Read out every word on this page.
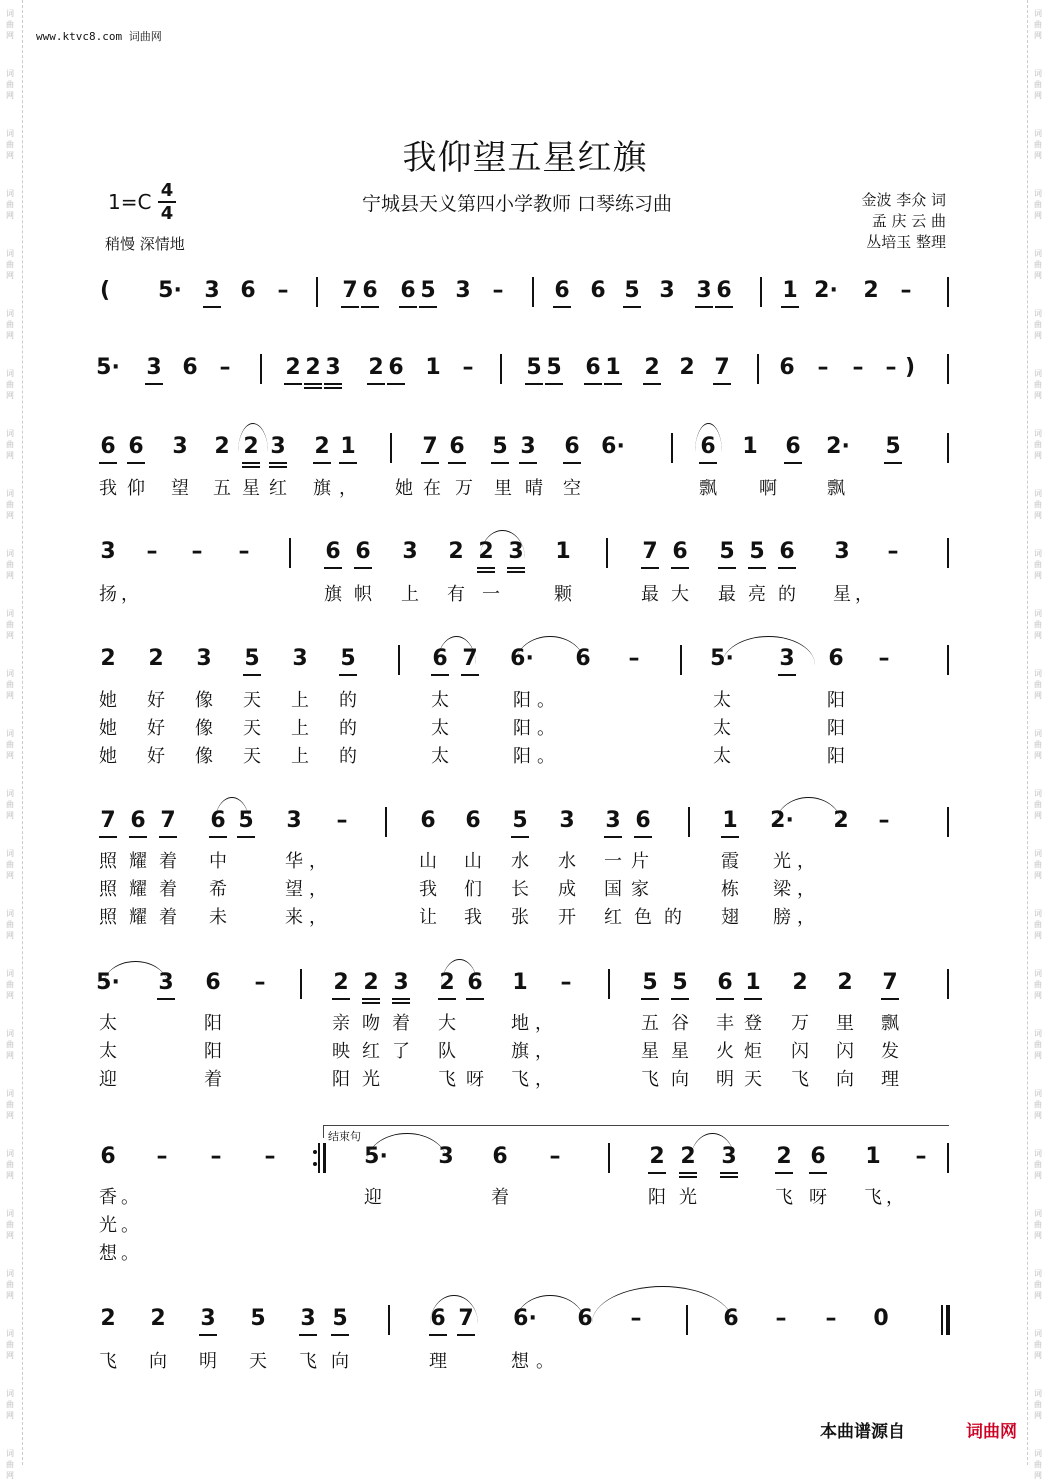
词
曲
网
词
曲
网
词
曲
网
词
曲
网
词
曲
网
词
曲
网
词
曲
网
词
曲
网
词
曲
网
词
曲
网
词
曲
网
词
曲
网
词
曲
网
词
曲
网
词
曲
网
词
曲
网
词
曲
网
词
曲
网
词
曲
网
词
曲
网
词
曲
网
词
曲
网
词
曲
网
词
曲
网
词
曲
网
词
曲
网
词
曲
网
词
曲
网
词
曲
网
词
曲
网
词
曲
网
词
曲
网
词
曲
网
词
曲
网
词
曲
网
词
曲
网
词
曲
网
词
曲
网
词
曲
网
词
曲
网
词
曲
网
词
曲
网
词
曲
网
词
曲
网
词
曲
网
词
曲
网
词
曲
网
词
曲
网
词
曲
网
词
曲
网
www.ktvc8.com 词曲网
我仰望五星红旗
1=C 4
4
稍慢 深情地
宁城县天义第四小学教师 口琴练习曲	金波 李众 词
孟 庆 云 曲
丛培玉 整理
( 5· 3 6 – 7 6 6 5 3 – 6 6 5 3 3 6 1 2· 2 –
5· 3 6 – 2 2 3 2 6 1 – 5 5 6 1 2 2 7 6 – – – )
6 6 3 2 2 3 2 1	7 6 5 3 6 6·	6 1 6 2· 5
我 仰 望 五 星 红 旗 ， 她 在 万 里 晴 空	飘 啊	飘
3 – – –	6 6 3 2 2 3 1	7 6 5 5 6 3 –
扬 ，	旗 帜 上 有 一	颗	最 大 最 亮 的 星 ，
2 2 3 5 3 5	6 7 6· 6 –	5· 3 6 –
她 好 像 天 上 的	太	阳 。	太	阳
她 好 像 天 上 的	太	阳 。	太	阳
她 好 像 天 上 的	太	阳 。	太	阳
7 6 7 6 5 3 –	6 6 5 3 3 6	1 2· 2 –
照 耀 着 中	华 ，	山 山 水 水 一 片	霞 光 ，
照 耀 着 希	望 ，	我 们 长 成 国 家	栋 梁 ，
照 耀 着 未	来 ，	让 我 张 开 红 色 的 翅 膀 ，
5· 3 6 –	2 2 3 2 6 1 –	5 5 6 1 2 2 7
太	阳	亲 吻 着 大	地 ，	五 谷 丰 登 万 里 飘
太	阳	映 红 了 队	旗 ，	星 星 火 炬 闪 闪 发
迎	着	阳 光	飞 呀 飞 ，	飞 向 明 天 飞 向 理
6 – – –	5· 3 6 –	2 2 3 2 6 1 –
香 。	迎	着	阳 光	飞 呀 飞 ，
光 。
想 。
2 2 3 5 3 5	6 7 6· 6 –	6 – – 0
飞 向 明 天 飞 向	理	想 。
结束句
本曲谱源自	词曲网
